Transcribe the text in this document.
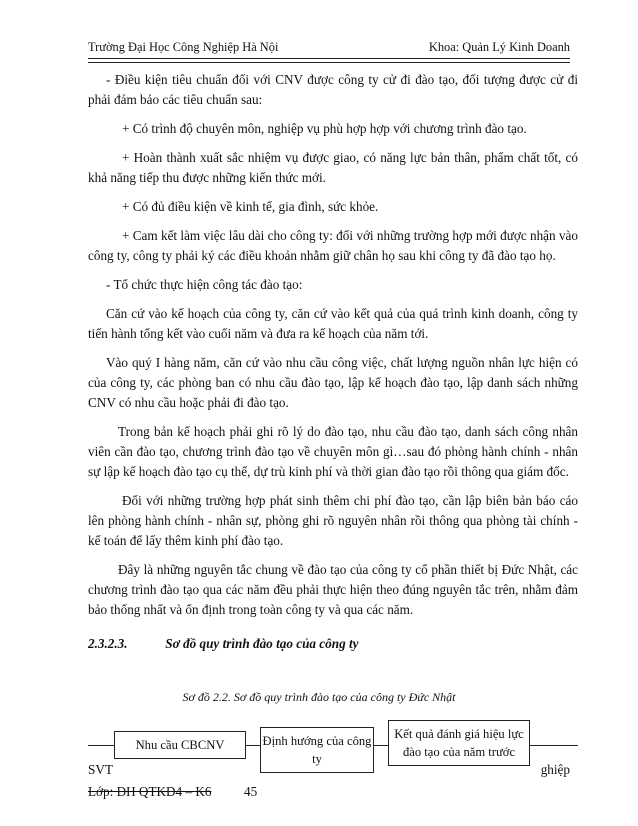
Trường Đại Học Công Nghiệp Hà Nội	Khoa: Quản Lý Kinh Doanh

- Điều kiện tiêu chuẩn đối với CNV được công ty cử đi đào tạo, đối tượng được cử đi phải đảm bảo các tiêu chuẩn sau:

+ Có trình độ chuyên môn, nghiệp vụ phù hợp hợp với chương trình đào tạo.

+ Hoàn thành xuất sắc nhiệm vụ được giao, có năng lực bản thân, phẩm chất tốt, có khả năng tiếp thu được những kiến thức mới.

+ Có đủ điều kiện về kinh tế, gia đình, sức khỏe.

+ Cam kết làm việc lâu dài cho công ty: đối với những trường hợp mới được nhận vào công ty, công ty phải ký các điều khoản nhằm giữ chân họ sau khi công ty đã đào tạo họ.

- Tổ chức thực hiện công tác đào tạo:

Căn cứ vào kế hoạch của công ty, căn cứ vào kết quả của quá trình kinh doanh, công ty tiến hành tổng kết vào cuối năm và đưa ra kế hoạch của năm tới.

Vào quý I hàng năm, căn cứ vào nhu cầu công việc, chất lượng nguồn nhân lực hiện có của công ty, các phòng ban có nhu cầu đào tạo, lập kế hoạch đào tạo, lập danh sách những CNV có nhu cầu hoặc phải đi đào tạo.

Trong bản kế hoạch phải ghi rõ lý do đào tạo, nhu cầu đào tạo, danh sách công nhân viên cần đào tạo, chương trình đào tạo về chuyên môn gì…sau đó phòng hành chính - nhân sự lập kế hoạch đào tạo cụ thể, dự trù kinh phí và thời gian đào tạo rồi thông qua giám đốc.

Đối với những trường hợp phát sinh thêm chi phí đào tạo, cần lập biên bản báo cáo lên phòng hành chính - nhân sự, phòng ghi rõ nguyên nhân rồi thông qua phòng tài chính - kế toán để lấy thêm kinh phí đào tạo.

Đây là những nguyên tắc chung về đào tạo của công ty cổ phần thiết bị Đức Nhật, các chương trình đào tạo qua các năm đều phải thực hiện theo đúng nguyên tắc trên, nhằm đảm bảo thống nhất và ổn định trong toàn công ty và qua các năm.

2.3.2.3.	Sơ đồ quy trình đào tạo của công ty
Sơ đồ 2.2. Sơ đồ quy trình đào tạo của công ty Đức Nhật
Nhu cầu CBCNV	Định hướng của công ty
Kết quả đánh giá hiệu lực đào tạo của năm trước
SVT	ghiệp
Lớp: ĐH QTKD4 – K6 45
